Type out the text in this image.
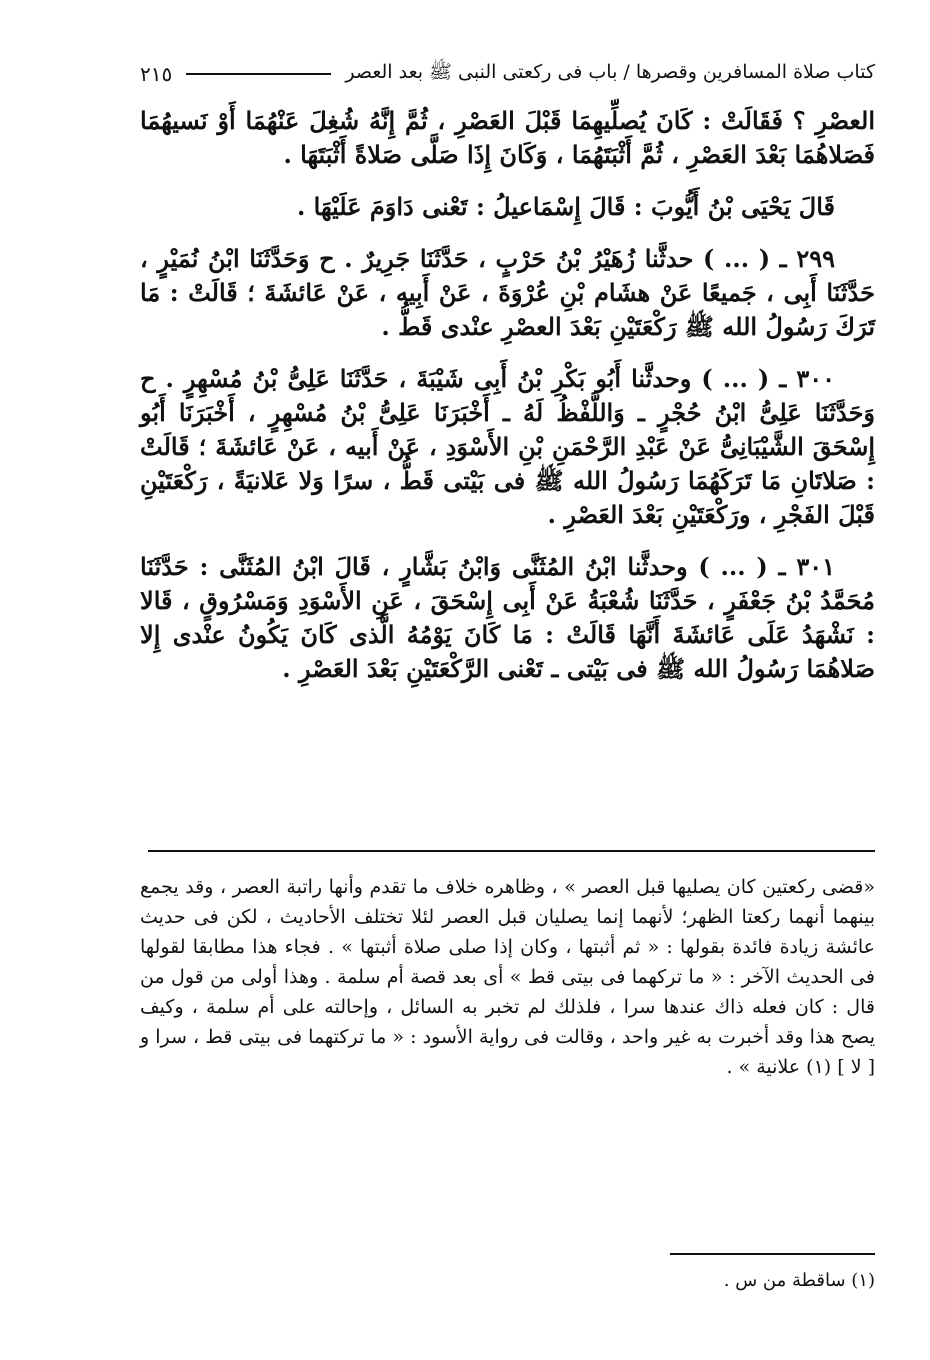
كتاب صلاة المسافرين وقصرها / باب فى ركعتى النبى ﷺ بعد العصر
٢١٥

العصْرِ ؟ فَقَالَتْ : كَانَ يُصلِّيهِمَا قَبْلَ العَصْرِ ، ثُمَّ إِنَّهُ شُغِلَ عَنْهُمَا أَوْ نَسيهُمَا فَصَلاهُمَا بَعْدَ العَصْرِ ، ثُمَّ أَثْبَتَهُمَا ، وَكَانَ إِذَا صَلَّى صَلاةً أَثْبَتَهَا .

قَالَ يَحْيَى بْنُ أَيُّوبَ : قَالَ إِسْمَاعيلُ : تَعْنى دَاوَمَ عَلَيْهَا .

٢٩٩ ـ ( ... ) حدثَّنا زُهَيْرُ بْنُ حَرْبٍ ، حَدَّثَنَا جَرِيرٌ . ح وَحَدَّثَنَا ابْنُ نُمَيْرٍ ، حَدَّثَنَا أَبِى ، جَميعًا عَنْ هشَام بْنِ عُرْوَةَ ، عَنْ أَبِيه ، عَنْ عَائشَةَ ؛ قَالَتْ : مَا تَرَكَ رَسُولُ الله ﷺ رَكْعَتَيْنِ بَعْدَ العصْرِ عنْدى قَطُّ .

٣٠٠ ـ ( ... ) وحدثَّنا أَبُو بَكْرِ بْنُ أَبِى شَيْبَةَ ، حَدَّثَنَا عَلِىُّ بْنُ مُسْهِرٍ . ح وَحَدَّثَنَا عَلِىُّ ابْنُ حُجْرٍ ـ وَاللَّفْظُ لَهُ ـ أَخْبَرَنَا عَلِىُّ بْنُ مُسْهِرٍ ، أَخْبَرَنَا أَبُو إِسْحَقَ الشَّيْبَانِىُّ عَنْ عَبْدِ الرَّحْمَنِ بْنِ الأَسْوَدِ ، عَنْ أَبيه ، عَنْ عَائشَةَ ؛ قَالَتْ : صَلاتَانِ مَا تَرَكَهُمَا رَسُولُ الله ﷺ فى بَيْتى قَطُّ ، سرًا وَلا عَلانيَةً ، رَكْعَتَيْنِ قَبْلَ الفَجْرِ ، ورَكْعَتَيْنِ بَعْدَ العَصْرِ .

٣٠١ ـ ( ... ) وحدثَّنا ابْنُ المُثَنَّى وَابْنُ بَشَّارٍ ، قَالَ ابْنُ المُثَنَّى : حَدَّثَنَا مُحَمَّدُ بْنُ جَعْفَرٍ ، حَدَّثَنَا شُعْبَةُ عَنْ أَبِى إِسْحَقَ ، عَنِ الأَسْوَدِ وَمَسْرُوقٍ ، قَالا : نَشْهَدُ عَلَى عَائشَةَ أَنَّهَا قَالَتْ : مَا كَانَ يَوْمُهُ الَّذى كَانَ يَكُونُ عنْدى إِلا صَلاهُمَا رَسُولُ الله ﷺ فى بَيْتى ـ تَعْنى الرَّكْعَتَيْنِ بَعْدَ العَصْرِ .

«قضى ركعتين كان يصليها قبل العصر » ، وظاهره خلاف ما تقدم وأنها راتبة العصر ، وقد يجمع بينهما أنهما ركعتا الظهر؛ لأنهما إنما يصليان قبل العصر لئلا تختلف الأحاديث ، لكن فى حديث عائشة زيادة فائدة بقولها : « ثم أثبتها ، وكان إذا صلى صلاة أثبتها » . فجاء هذا مطابقا لقولها فى الحديث الآخر : « ما تركهما فى بيتى قط » أى بعد قصة أم سلمة . وهذا أولى من قول من قال : كان فعله ذاك عندها سرا ، فلذلك لم تخبر به السائل ، وإحالته على أم سلمة ، وكيف يصح هذا وقد أخبرت به غير واحد ، وقالت فى رواية الأسود : « ما تركتهما فى بيتى قط ، سرا و [ لا ] (١) علانية » .

(١) ساقطة من س .
